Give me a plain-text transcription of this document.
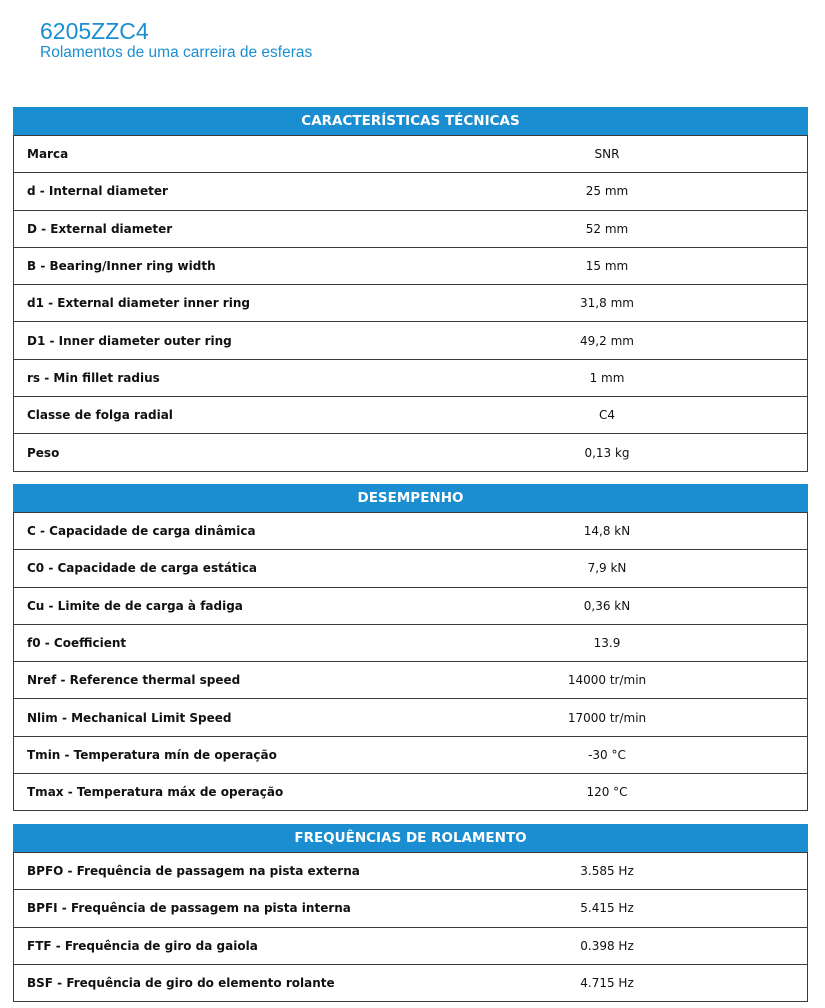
6205ZZC4
Rolamentos de uma carreira de esferas
CARACTERÍSTICAS TÉCNICAS
Marca	SNR
d - Internal diameter	25 mm
D - External diameter	52 mm
B - Bearing/Inner ring width	15 mm
d1 - External diameter inner ring	31,8 mm
D1 - Inner diameter outer ring	49,2 mm
rs - Min fillet radius	1 mm
Classe de folga radial	C4
Peso	0,13 kg
DESEMPENHO
C - Capacidade de carga dinâmica	14,8 kN
C0 - Capacidade de carga estática	7,9 kN
Cu - Limite de de carga à fadiga	0,36 kN
f0 - Coefficient	13.9
Nref - Reference thermal speed	14000 tr/min
Nlim - Mechanical Limit Speed	17000 tr/min
Tmin - Temperatura mín de operação	-30 °C
Tmax - Temperatura máx de operação	120 °C
FREQUÊNCIAS DE ROLAMENTO
BPFO - Frequência de passagem na pista externa	3.585 Hz
BPFI - Frequência de passagem na pista interna	5.415 Hz
FTF - Frequência de giro da gaiola	0.398 Hz
BSF - Frequência de giro do elemento rolante	4.715 Hz
